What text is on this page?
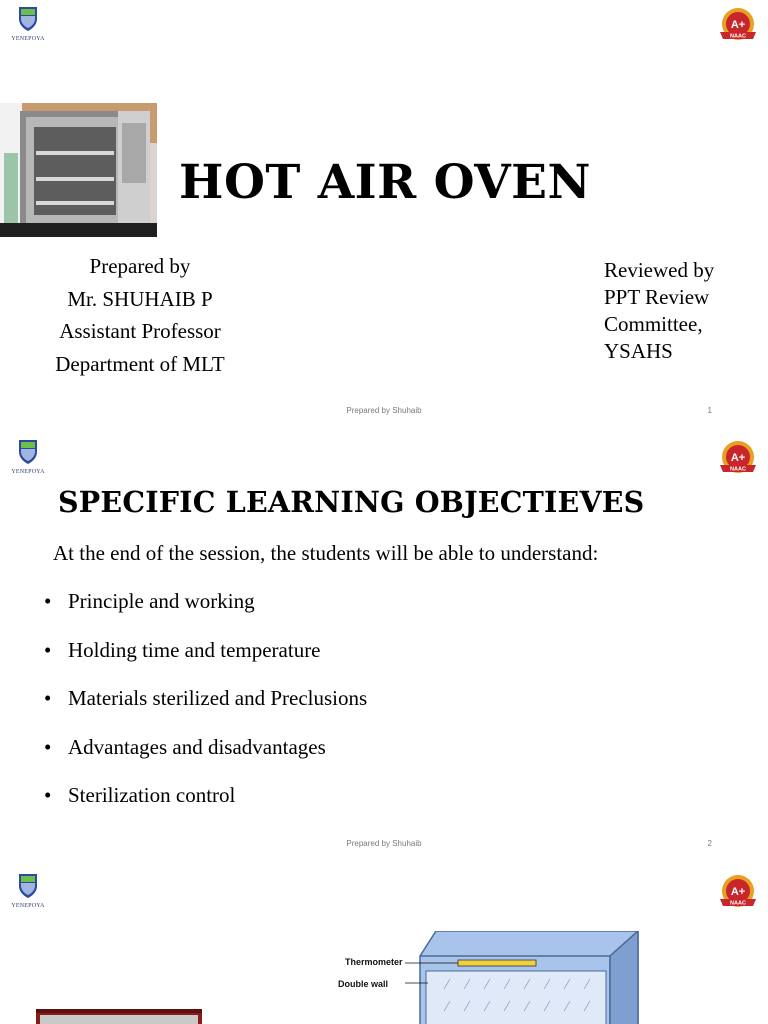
YENEPOYA
A+
NAAC
HOT AIR OVEN
Prepared by
Mr. SHUHAIB P
Assistant Professor
Department of MLT
Reviewed by
PPT Review
Committee,
YSAHS
Prepared by Shuhaib	1
YENEPOYA
A+
NAAC
SPECIFIC LEARNING OBJECTIEVES
At the end of the session, the students will be able to understand:
• Principle and working
• Holding time and temperature
• Materials sterilized and Preclusions
• Advantages and disadvantages
• Sterilization control
Prepared by Shuhaib	2
YENEPOYA
A+
NAAC
Thermometer
Double wall
